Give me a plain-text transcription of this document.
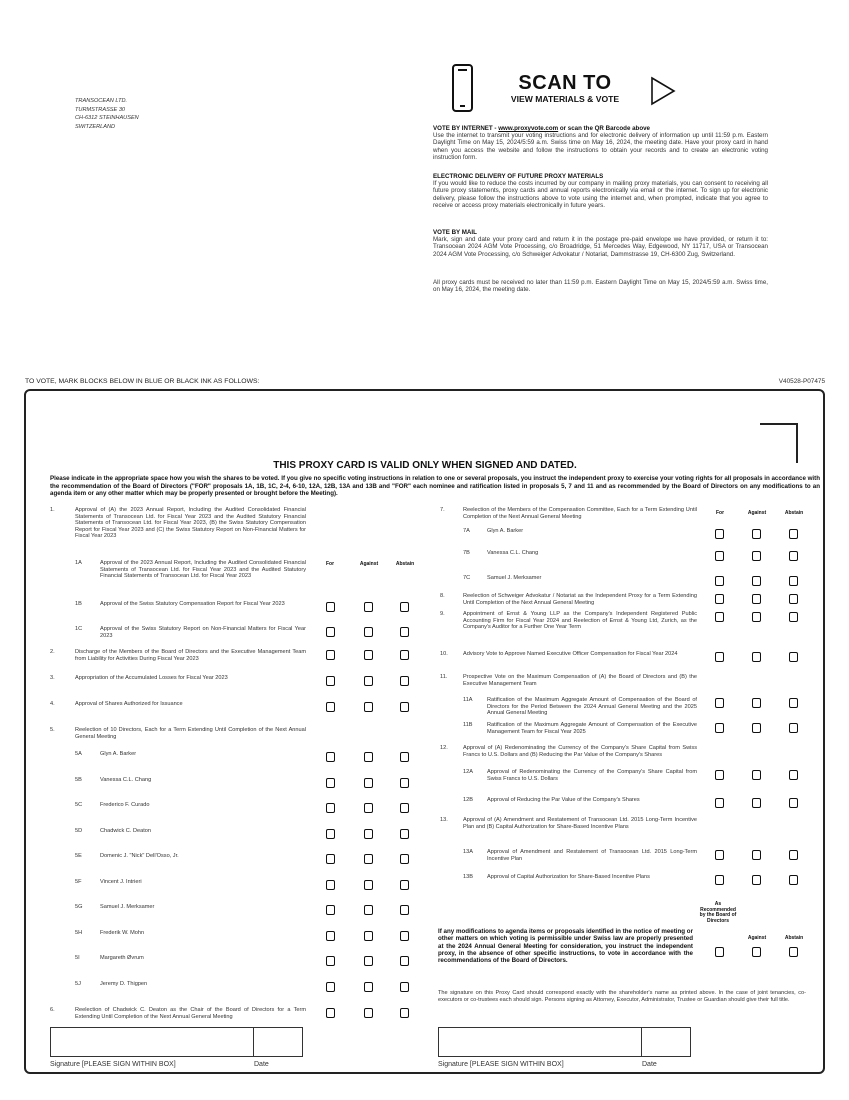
TRANSOCEAN LTD.
TURMSTRASSE 30
CH-6312 STEINHAUSEN
SWITZERLAND
SCAN TO
VIEW MATERIALS & VOTE
VOTE BY INTERNET - www.proxyvote.com or scan the QR Barcode above
Use the internet to transmit your voting instructions and for electronic delivery of information up until 11:59 p.m. Eastern Daylight Time on May 15, 2024/5:59 a.m. Swiss time on May 16, 2024, the meeting date. Have your proxy card in hand when you access the website and follow the instructions to obtain your records and to create an electronic voting instruction form.
ELECTRONIC DELIVERY OF FUTURE PROXY MATERIALS
If you would like to reduce the costs incurred by our company in mailing proxy materials, you can consent to receiving all future proxy statements, proxy cards and annual reports electronically via email or the internet. To sign up for electronic delivery, please follow the instructions above to vote using the internet and, when prompted, indicate that you agree to receive or access proxy materials electronically in future years.
VOTE BY MAIL
Mark, sign and date your proxy card and return it in the postage pre-paid envelope we have provided, or return it to: Transocean 2024 AGM Vote Processing, c/o Broadridge, 51 Mercedes Way, Edgewood, NY 11717, USA or Transocean 2024 AGM Vote Processing, c/o Schweiger Advokatur / Notariat, Dammstrasse 19, CH-6300 Zug, Switzerland.
All proxy cards must be received no later than 11:59 p.m. Eastern Daylight Time on May 15, 2024/5:59 a.m. Swiss time, on May 16, 2024, the meeting date.
TO VOTE, MARK BLOCKS BELOW IN BLUE OR BLACK INK AS FOLLOWS:	V40528-P07475
THIS PROXY CARD IS VALID ONLY WHEN SIGNED AND DATED.
Please indicate in the appropriate space how you wish the shares to be voted. If you give no specific voting instructions in relation to one or several proposals, you instruct the independent proxy to exercise your voting rights for all proposals in accordance with the recommendation of the Board of Directors ("FOR" proposals 1A, 1B, 1C, 2-4, 6-10, 12A, 12B, 13A and 13B and "FOR" each nominee and ratification listed in proposals 5, 7 and 11 and as recommended by the Board of Directors on any modifications to an agenda item or any other matter which may be properly presented or brought before the Meeting).
For	Against	Abstain
For	Against	Abstain
1.	Approval of (A) the 2023 Annual Report, Including the Audited Consolidated Financial Statements of Transocean Ltd. for Fiscal Year 2023 and the Audited Statutory Financial Statements of Transocean Ltd. for Fiscal Year 2023, (B) the Swiss Statutory Compensation Report for Fiscal Year 2023 and (C) the Swiss Statutory Report on Non-Financial Matters for Fiscal Year 2023
1A	Approval of the 2023 Annual Report, Including the Audited Consolidated Financial Statements of Transocean Ltd. for Fiscal Year 2023 and the Audited Statutory Financial Statements of Transocean Ltd. for Fiscal Year 2023
1B	Approval of the Swiss Statutory Compensation Report for Fiscal Year 2023
1C	Approval of the Swiss Statutory Report on Non-Financial Matters for Fiscal Year 2023
2.	Discharge of the Members of the Board of Directors and the Executive Management Team from Liability for Activities During Fiscal Year 2023
3.	Appropriation of the Accumulated Losses for Fiscal Year 2023
4.	Approval of Shares Authorized for Issuance
5.	Reelection of 10 Directors, Each for a Term Extending Until Completion of the Next Annual General Meeting
5A	Glyn A. Barker
5B	Vanessa C.L. Chang
5C	Frederico F. Curado
5D	Chadwick C. Deaton
5E	Domenic J. "Nick" Dell'Osso, Jr.
5F	Vincent J. Intrieri
5G	Samuel J. Merksamer
5H	Frederik W. Mohn
5I	Margareth Øvrum
5J	Jeremy D. Thigpen
6.	Reelection of Chadwick C. Deaton as the Chair of the Board of Directors for a Term Extending Until Completion of the Next Annual General Meeting
7.	Reelection of the Members of the Compensation Committee, Each for a Term Extending Until Completion of the Next Annual General Meeting
7A	Glyn A. Barker
7B	Vanessa C.L. Chang
7C	Samuel J. Merksamer
8.	Reelection of Schweiger Advokatur / Notariat as the Independent Proxy for a Term Extending Until Completion of the Next Annual General Meeting
9.	Appointment of Ernst & Young LLP as the Company's Independent Registered Public Accounting Firm for Fiscal Year 2024 and Reelection of Ernst & Young Ltd, Zurich, as the Company's Auditor for a Further One Year Term
10.	Advisory Vote to Approve Named Executive Officer Compensation for Fiscal Year 2024
11.	Prospective Vote on the Maximum Compensation of (A) the Board of Directors and (B) the Executive Management Team
11A	Ratification of the Maximum Aggregate Amount of Compensation of the Board of Directors for the Period Between the 2024 Annual General Meeting and the 2025 Annual General Meeting
11B	Ratification of the Maximum Aggregate Amount of Compensation of the Executive Management Team for Fiscal Year 2025
12.	Approval of (A) Redenominating the Currency of the Company's Share Capital from Swiss Francs to U.S. Dollars and (B) Reducing the Par Value of the Company's Shares
12A	Approval of Redenominating the Currency of the Company's Share Capital from Swiss Francs to U.S. Dollars
12B	Approval of Reducing the Par Value of the Company's Shares
13.	Approval of (A) Amendment and Restatement of Transocean Ltd. 2015 Long-Term Incentive Plan and (B) Capital Authorization for Share-Based Incentive Plans
13A	Approval of Amendment and Restatement of Transocean Ltd. 2015 Long-Term Incentive Plan
13B	Approval of Capital Authorization for Share-Based Incentive Plans
If any modifications to agenda items or proposals identified in the notice of meeting or other matters on which voting is permissible under Swiss law are properly presented at the 2024 Annual General Meeting for consideration, you instruct the independent proxy, in the absence of other specific instructions, to vote in accordance with the recommendations of the Board of Directors.
As Recommended by the Board of Directors
Against	Abstain
The signature on this Proxy Card should correspond exactly with the shareholder's name as printed above. In the case of joint tenancies, co-executors or co-trustees each should sign. Persons signing as Attorney, Executor, Administrator, Trustee or Guardian should give their full title.
Signature [PLEASE SIGN WITHIN BOX]	Date	Signature [PLEASE SIGN WITHIN BOX]	Date
